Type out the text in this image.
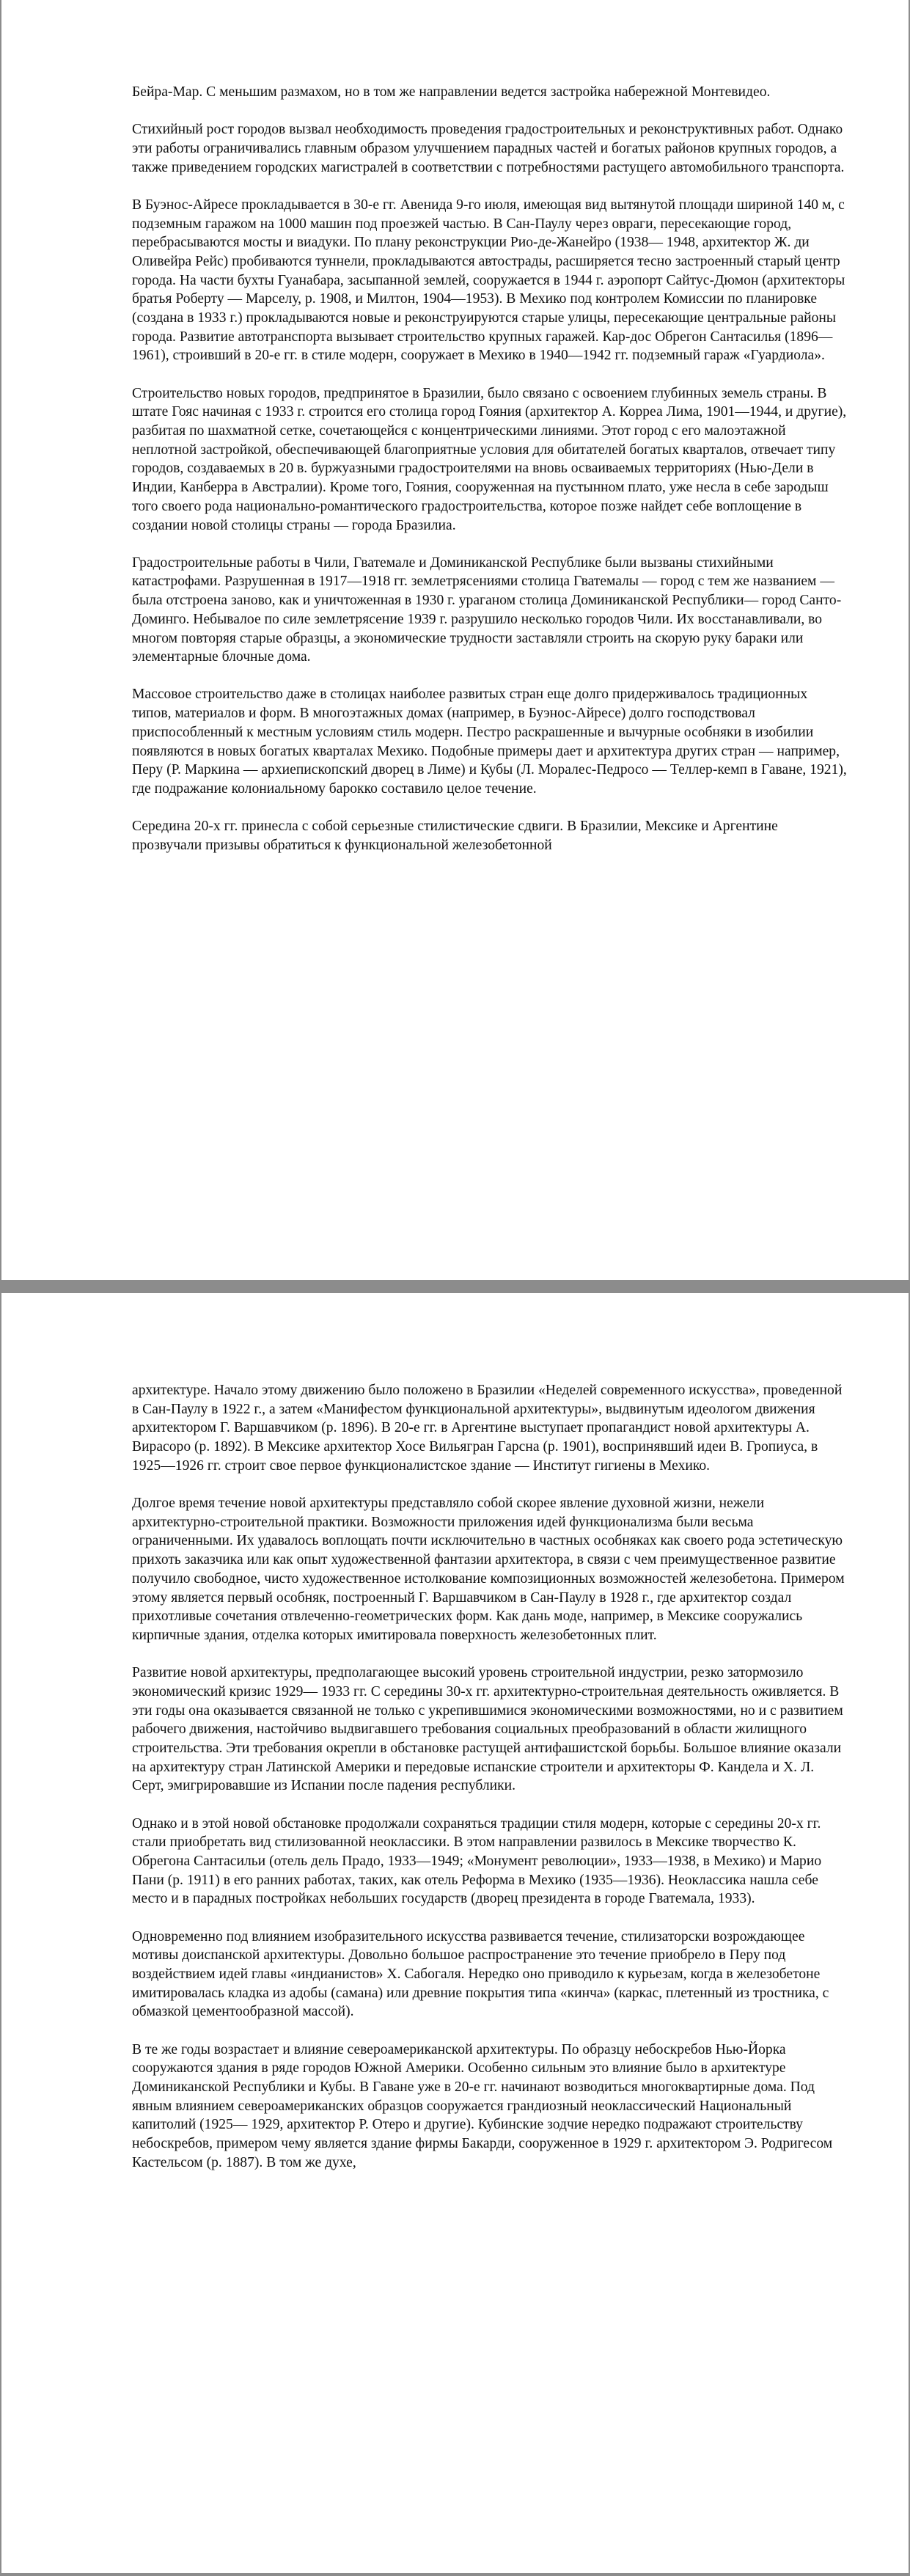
Бейра-Мар. С меньшим размахом, но в том же направлении ведется застройка набережной Монтевидео.

Стихийный рост городов вызвал необходимость проведения градостроительных и реконструктивных работ. Однако эти работы ограничивались главным образом улучшением парадных частей и богатых районов крупных городов, а также приведением городских магистралей в соответствии с потребностями растущего автомобильного транспорта.

В Буэнос-Айресе прокладывается в 30-е гг. Авенида 9-го июля, имеющая вид вытянутой площади шириной 140 м, с подземным гаражом на 1000 машин под проезжей частью. В Сан-Паулу через овраги, пересекающие город, перебрасываются мосты и виадуки. По плану реконструкции Рио-де-Жанейро (1938— 1948, архитектор Ж. ди Оливейра Рейс) пробиваются туннели, прокладываются автострады, расширяется тесно застроенный старый центр города. На части бухты Гуанабара, засыпанной землей, сооружается в 1944 г. аэропорт Сайтус-Дюмон (архитекторы братья Роберту — Марселу, р. 1908, и Милтон, 1904—1953). В Мехико под контролем Комиссии по планировке (создана в 1933 г.) прокладываются новые и реконструируются старые улицы, пересекающие центральные районы города. Развитие автотранспорта вызывает строительство крупных гаражей. Кар-дос Обрегон Сантасилья (1896—1961), строивший в 20-е гг. в стиле модерн, сооружает в Мехико в 1940—1942 гг. подземный гараж «Гуардиола».

Строительство новых городов, предпринятое в Бразилии, было связано с освоением глубинных земель страны. В штате Гояс начиная с 1933 г. строится его столица город Гояния (архитектор А. Корреа Лима, 1901—1944, и другие), разбитая по шахматной сетке, сочетающейся с концентрическими линиями. Этот город с его малоэтажной неплотной застройкой, обеспечивающей благоприятные условия для обитателей богатых кварталов, отвечает типу городов, создаваемых в 20 в. буржуазными градостроителями на вновь осваиваемых территориях (Нью-Дели в Индии, Канберра в Австралии). Кроме того, Гояния, сооруженная на пустынном плато, уже несла в себе зародыш того своего рода национально-романтического градостроительства, которое позже найдет себе воплощение в создании новой столицы страны — города Бразилиа.

Градостроительные работы в Чили, Гватемале и Доминиканской Республике были вызваны стихийными катастрофами. Разрушенная в 1917—1918 гг. землетрясениями столица Гватемалы — город с тем же названием — была отстроена заново, как и уничтоженная в 1930 г. ураганом столица Доминиканской Республики— город Санто-Доминго. Небывалое по силе землетрясение 1939 г. разрушило несколько городов Чили. Их восстанавливали, во многом повторяя старые образцы, а экономические трудности заставляли строить на скорую руку бараки или элементарные блочные дома.

Массовое строительство даже в столицах наиболее развитых стран еще долго придерживалось традиционных типов, материалов и форм. В многоэтажных домах (например, в Буэнос-Айресе) долго господствовал приспособленный к местным условиям стиль модерн. Пестро раскрашенные и вычурные особняки в изобилии появляются в новых богатых кварталах Мехико. Подобные примеры дает и архитектура других стран — например, Перу (Р. Маркина — архиепископский дворец в Лиме) и Кубы (Л. Моралес-Педросо — Теллер-кемп в Гаване, 1921), где подражание колониальному барокко составило целое течение.

Середина 20-х гг. принесла с собой серьезные стилистические сдвиги. В Бразилии, Мексике и Аргентине прозвучали призывы обратиться к функциональной железобетонной

архитектуре. Начало этому движению было положено в Бразилии «Неделей современного искусства», проведенной в Сан-Паулу в 1922 г., а затем «Манифестом функциональной архитектуры», выдвинутым идеологом движения архитектором Г. Варшавчиком (р. 1896). В 20-е гг. в Аргентине выступает пропагандист новой архитектуры А. Вирасоро (р. 1892). В Мексике архитектор Хосе Вильягран Гарсна (р. 1901), воспринявший идеи В. Гропиуса, в 1925—1926 гг. строит свое первое функционалистское здание — Институт гигиены в Мехико.

Долгое время течение новой архитектуры представляло собой скорее явление духовной жизни, нежели архитектурно-строительной практики. Возможности приложения идей функционализма были весьма ограниченными. Их удавалось воплощать почти исключительно в частных особняках как своего рода эстетическую прихоть заказчика или как опыт художественной фантазии архитектора, в связи с чем преимущественное развитие получило свободное, чисто художественное истолкование композиционных возможностей железобетона. Примером этому является первый особняк, построенный Г. Варшавчиком в Сан-Паулу в 1928 г., где архитектор создал прихотливые сочетания отвлеченно-геометрических форм. Как дань моде, например, в Мексике сооружались кирпичные здания, отделка которых имитировала поверхность железобетонных плит.

Развитие новой архитектуры, предполагающее высокий уровень строительной индустрии, резко затормозило экономический кризис 1929— 1933 гг. С середины 30-х гг. архитектурно-строительная деятельность оживляется. В эти годы она оказывается связанной не только с укрепившимися экономическими возможностями, но и с развитием рабочего движения, настойчиво выдвигавшего требования социальных преобразований в области жилищного строительства. Эти требования окрепли в обстановке растущей антифашистской борьбы. Большое влияние оказали на архитектуру стран Латинской Америки и передовые испанские строители и архитекторы Ф. Кандела и Х. Л. Серт, эмигрировавшие из Испании после падения республики.

Однако и в этой новой обстановке продолжали сохраняться традиции стиля модерн, которые с середины 20-х гг. стали приобретать вид стилизованной неоклассики. В этом направлении развилось в Мексике творчество К. Обрегона Сантасильи (отель дель Прадо, 1933—1949; «Монумент революции», 1933—1938, в Мехико) и Марио Пани (р. 1911) в его ранних работах, таких, как отель Реформа в Мехико (1935—1936). Неоклассика нашла себе место и в парадных постройках небольших государств (дворец президента в городе Гватемала, 1933).

Одновременно под влиянием изобразительного искусства развивается течение, стилизаторски возрождающее мотивы доиспанской архитектуры. Довольно большое распространение это течение приобрело в Перу под воздействием идей главы «индианистов» Х. Сабогаля. Нередко оно приводило к курьезам, когда в железобетоне имитировалась кладка из адобы (самана) или древние покрытия типа «кинча» (каркас, плетенный из тростника, с обмазкой цементообразной массой).

В те же годы возрастает и влияние североамериканской архитектуры. По образцу небоскребов Нью-Йорка сооружаются здания в ряде городов Южной Америки. Особенно сильным это влияние было в архитектуре Доминиканской Республики и Кубы. В Гаване уже в 20-е гг. начинают возводиться многоквартирные дома. Под явным влиянием североамериканских образцов сооружается грандиозный неоклассический Национальный капитолий (1925— 1929, архитектор Р. Отеро и другие). Кубинские зодчие нередко подражают строительству небоскребов, примером чему является здание фирмы Бакарди, сооруженное в 1929 г. архитектором Э. Родригесом Кастельсом (р. 1887). В том же духе,
